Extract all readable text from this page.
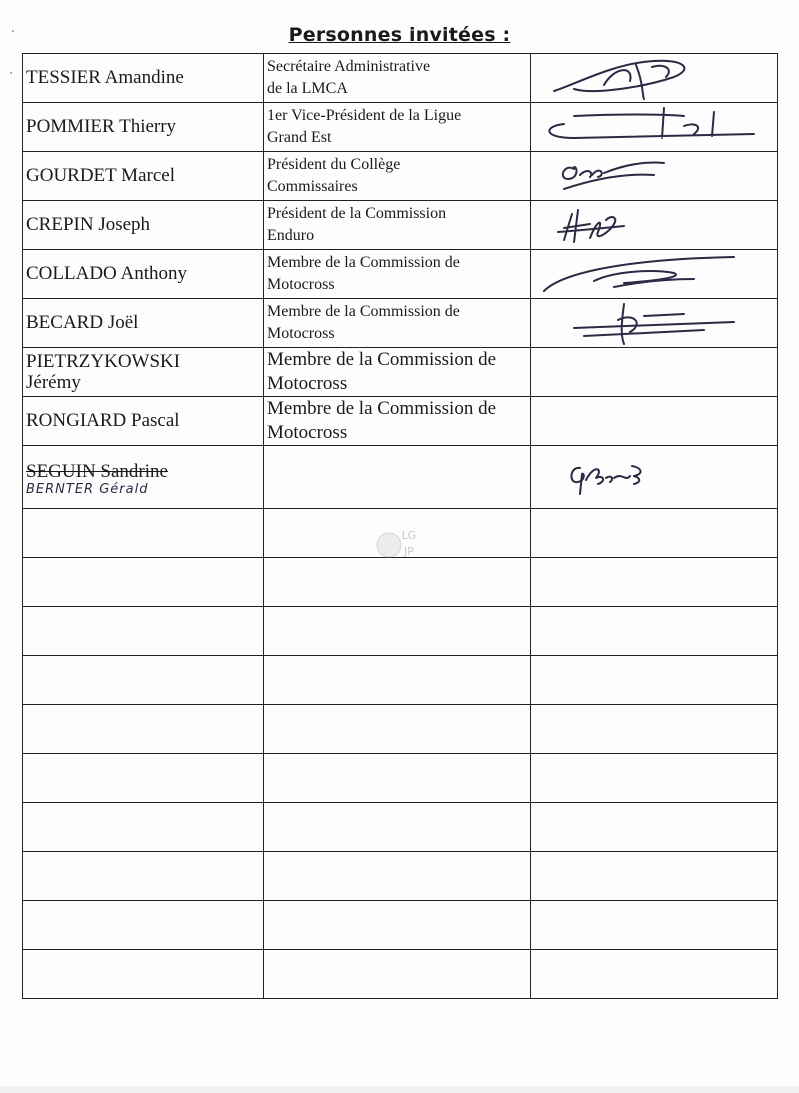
Personnes invitées :
TESSIER Amandine	Secrétaire Administrative
de la LMCA

POMMIER Thierry	1er Vice-Président de la Ligue
Grand Est

GOURDET Marcel	Président du Collège
Commissaires

CREPIN Joseph	Président de la Commission
Enduro

COLLADO Anthony	Membre de la Commission de
Motocross

BECARD Joël	Membre de la Commission de
Motocross

PIETRZYKOWSKI
Jérémy	Membre de la Commission de
Motocross	

RONGIARD Pascal	Membre de la Commission de
Motocross	

SEGUIN Sandrine
BERNTER Gérald

LG
JP
